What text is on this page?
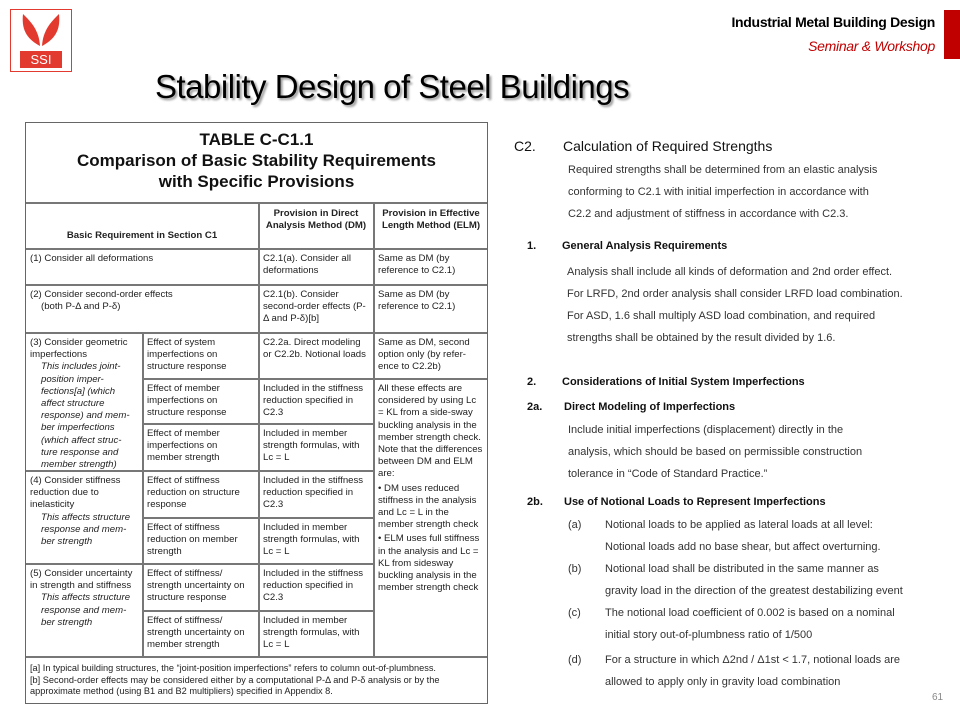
SSI
Industrial Metal Building Design
Seminar & Workshop
Stability Design of Steel Buildings
TABLE C-C1.1
Comparison of Basic Stability Requirements
with Specific Provisions
Basic Requirement in Section C1
Provision in Direct Analysis Method (DM)
Provision in Effective Length Method (ELM)
(1) Consider all deformations	C2.1(a). Consider all deformations
Same as DM (by reference to C2.1)
(2) Consider second-order effects
(both P-Δ and P-δ)
C2.1(b). Consider second-order effects (P-Δ and P-δ)[b]
Same as DM (by reference to C2.1)
(3) Consider geometric imperfections
This includes joint-position imper-fections[a] (which affect structure response) and mem-ber imperfections (which affect struc-ture response and member strength)
Effect of system imperfections on structure response
C2.2a. Direct modeling or C2.2b. Notional loads
Same as DM, second option only (by refer-ence to C2.2b)
Effect of member imperfections on structure response
Included in the stiffness reduction specified in C2.3
Effect of member imperfections on member strength
Included in member strength formulas, with Lc = L
All these effects are considered by using Lc = KL from a side-sway buckling analysis in the member strength check. Note that the differences between DM and ELM are:
• DM uses reduced stiffness in the analysis and Lc = L in the member strength check
• ELM uses full stiffness in the analysis and Lc = KL from sidesway buckling analysis in the member strength check
(4) Consider stiffness reduction due to inelasticity
This affects structure response and mem-ber strength
Effect of stiffness reduction on structure response
Included in the stiffness reduction specified in C2.3
Effect of stiffness reduction on member strength
Included in member strength formulas, with Lc = L
(5) Consider uncertainty in strength and stiffness
This affects structure response and mem-ber strength
Effect of stiffness/ strength uncertainty on structure response
Included in the stiffness reduction specified in C2.3
Effect of stiffness/ strength uncertainty on member strength
Included in member strength formulas, with Lc = L
[a] In typical building structures, the “joint-position imperfections” refers to column out-of-plumbness.
[b] Second-order effects may be considered either by a computational P-Δ and P-δ analysis or by the approximate method (using B1 and B2 multipliers) specified in Appendix 8.
C2. Calculation of Required Strengths
Required strengths shall be determined from an elastic analysis
conforming to C2.1 with initial imperfection in accordance with
C2.2 and adjustment of stiffness in accordance with C2.3.
1. General Analysis Requirements
Analysis shall include all kinds of deformation and 2nd order effect.
For LRFD, 2nd order analysis shall consider LRFD load combination.
For ASD, 1.6 shall multiply ASD load combination, and required
strengths shall be obtained by the result divided by 1.6.
2. Considerations of Initial System Imperfections
2a. Direct Modeling of Imperfections
Include initial imperfections (displacement) directly in the
analysis, which should be based on permissible construction
tolerance in “Code of Standard Practice.”
2b. Use of Notional Loads to Represent Imperfections
(a) Notional loads to be applied as lateral loads at all level:
Notional loads add no base shear, but affect overturning.
(b) Notional load shall be distributed in the same manner as
gravity load in the direction of the greatest destabilizing event
(c) The notional load coefficient of 0.002 is based on a nominal
initial story out-of-plumbness ratio of 1/500
(d) For a structure in which Δ2nd / Δ1st < 1.7, notional loads are
allowed to apply only in gravity load combination
61
